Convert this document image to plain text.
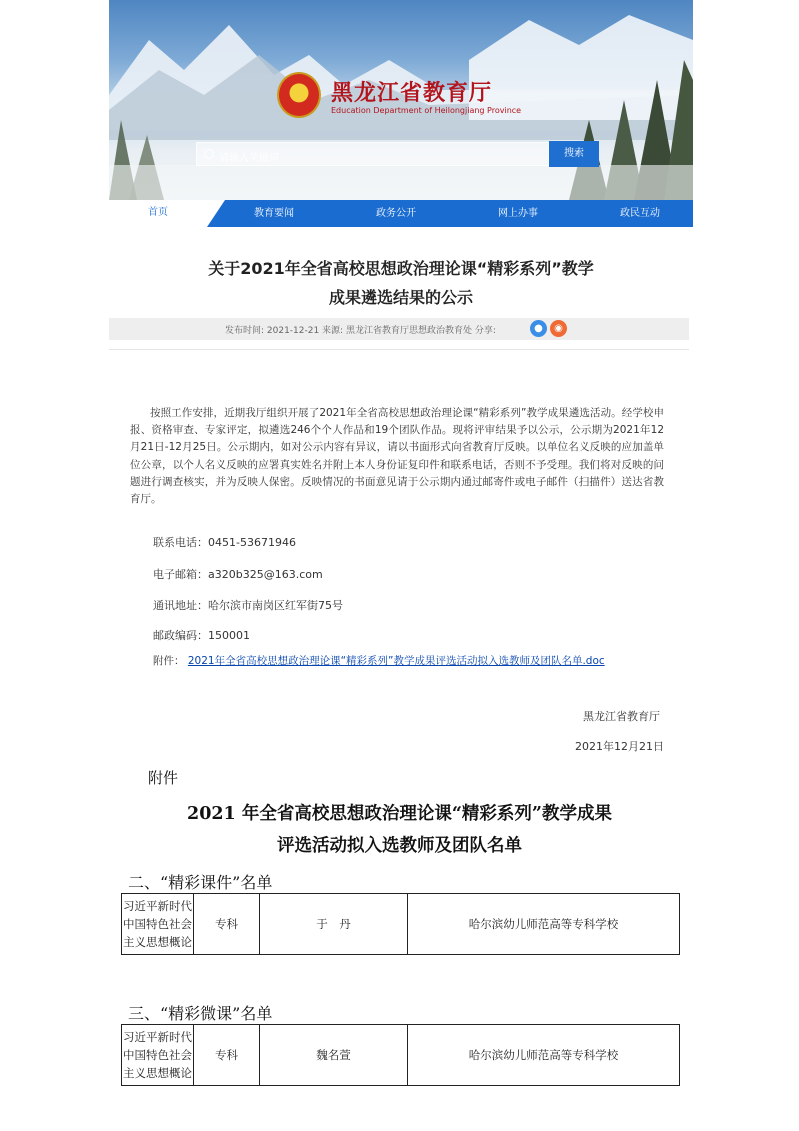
黑龙江省教育厅
Education Department of Heilongjiang Province
请输入关键词	搜索
首页	教育要闻	政务公开	网上办事	政民互动
关于2021年全省高校思想政治理论课“精彩系列”教学
成果遴选结果的公示
发布时间: 2021-12-21 来源: 黑龙江省教育厅思想政治教育处 分享:	●	◉
按照工作安排，近期我厅组织开展了2021年全省高校思想政治理论课“精彩系列”教学成果遴选活动。经学校申报、资格审查、专家评定，拟遴选246个个人作品和19个团队作品。现将评审结果予以公示，公示期为2021年12月21日-12月25日。公示期内，如对公示内容有异议，请以书面形式向省教育厅反映。以单位名义反映的应加盖单位公章，以个人名义反映的应署真实姓名并附上本人身份证复印件和联系电话，否则不予受理。我们将对反映的问题进行调查核实，并为反映人保密。反映情况的书面意见请于公示期内通过邮寄件或电子邮件（扫描件）送达省教育厅。
联系电话：0451-53671946
电子邮箱：a320b325@163.com
通讯地址：哈尔滨市南岗区红军街75号
邮政编码：150001
附件： 2021年全省高校思想政治理论课“精彩系列”教学成果评选活动拟入选教师及团队名单.doc
黑龙江省教育厅
2021年12月21日
附件
2021 年全省高校思想政治理论课“精彩系列”教学成果
评选活动拟入选教师及团队名单
二、“精彩课件”名单
习近平新时代中国特色社会主义思想概论	专科	于　丹	哈尔滨幼儿师范高等专科学校
三、“精彩微课”名单
习近平新时代中国特色社会主义思想概论	专科	魏名萱	哈尔滨幼儿师范高等专科学校
